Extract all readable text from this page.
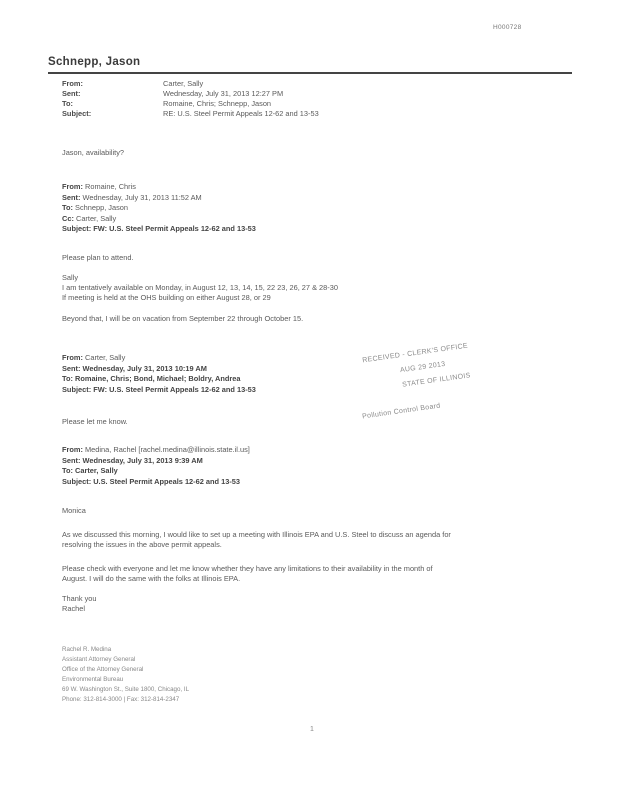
H000728
Schnepp, Jason
From:	Carter, Sally
Sent:	Wednesday, July 31, 2013 12:27 PM
To:	Romaine, Chris; Schnepp, Jason
Subject:	RE: U.S. Steel Permit Appeals 12-62 and 13-53
Jason, availability?
From: Romaine, Chris
Sent: Wednesday, July 31, 2013 11:52 AM
To: Schnepp, Jason
Cc: Carter, Sally
Subject: FW: U.S. Steel Permit Appeals 12-62 and 13-53
Please plan to attend.
Sally
I am tentatively available on Monday, in August 12, 13, 14, 15, 22 23, 26, 27 & 28-30
If meeting is held at the OHS building on either August 28, or 29
Beyond that, I will be on vacation from September 22 through October 15.
From: Carter, Sally
Sent: Wednesday, July 31, 2013 10:19 AM
To: Romaine, Chris; Bond, Michael; Boldry, Andrea
Subject: FW: U.S. Steel Permit Appeals 12-62 and 13-53
RECEIVED - CLERK'S OFFICE
AUG 29 2013
STATE OF ILLINOIS
Pollution Control Board
Please let me know.
From: Medina, Rachel [rachel.medina@illinois.state.il.us]
Sent: Wednesday, July 31, 2013 9:39 AM
To: Carter, Sally
Subject: U.S. Steel Permit Appeals 12-62 and 13-53
Monica
As we discussed this morning, I would like to set up a meeting with Illinois EPA and U.S. Steel to discuss an agenda for
resolving the issues in the above permit appeals.
Please check with everyone and let me know whether they have any limitations to their availability in the month of
August. I will do the same with the folks at Illinois EPA.
Thank you
Rachel
Rachel R. Medina
Assistant Attorney General
Office of the Attorney General
Environmental Bureau
69 W. Washington St., Suite 1800, Chicago, IL
Phone: 312-814-3000 | Fax: 312-814-2347
1
